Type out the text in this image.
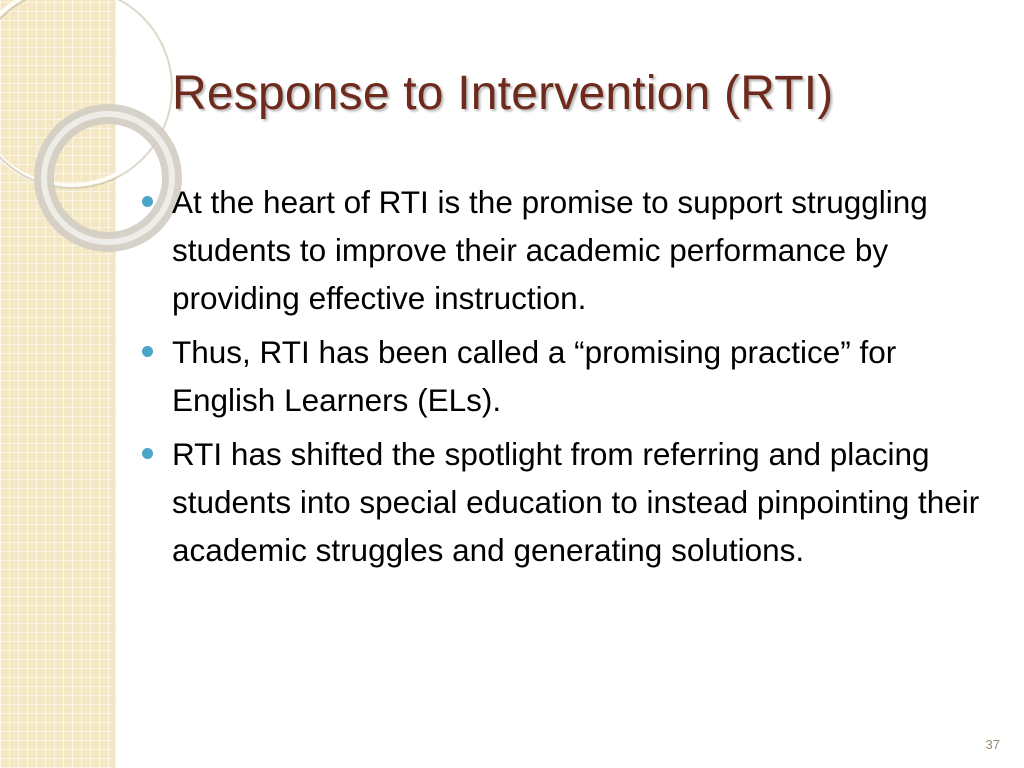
Response to Intervention (RTI)
At the heart of RTI is the promise to support struggling students to improve their academic performance by providing effective instruction.
Thus, RTI has been called a “promising practice” for English Learners (ELs).
RTI has shifted the spotlight from referring and placing students into special education to instead pinpointing their academic struggles and generating solutions.
37
